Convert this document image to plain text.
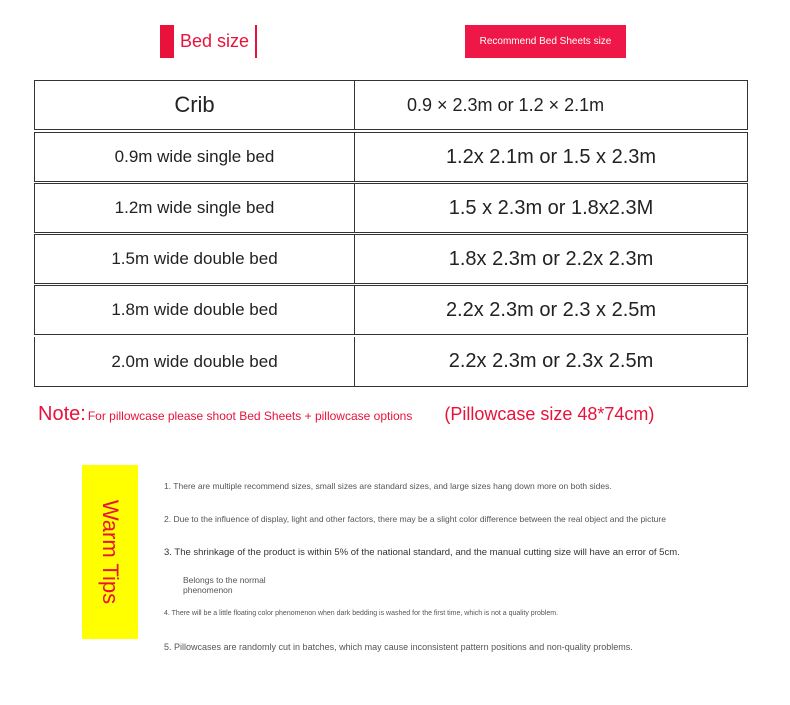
Bed size	Recommend Bed Sheets size
Crib	0.9 × 2.3m or 1.2 × 2.1m
0.9m wide single bed	1.2x 2.1m or 1.5 x 2.3m
1.2m wide single bed	1.5 x 2.3m or 1.8x2.3M
1.5m wide double bed	1.8x 2.3m or 2.2x 2.3m
1.8m wide double bed	2.2x 2.3m or 2.3 x 2.5m
2.0m wide double bed	2.2x 2.3m or 2.3x 2.5m
Note: For pillowcase please shoot Bed Sheets + pillowcase options (Pillowcase size 48*74cm)
Warm Tips
1. There are multiple recommend sizes, small sizes are standard sizes, and large sizes hang down more on both sides.
2. Due to the influence of display, light and other factors, there may be a slight color difference between the real object and the picture
3. The shrinkage of the product is within 5% of the national standard, and the manual cutting size will have an error of 5cm.
Belongs to the normal phenomenon
4. There will be a little floating color phenomenon when dark bedding is washed for the first time, which is not a quality problem.
5. Pillowcases are randomly cut in batches, which may cause inconsistent pattern positions and non-quality problems.
